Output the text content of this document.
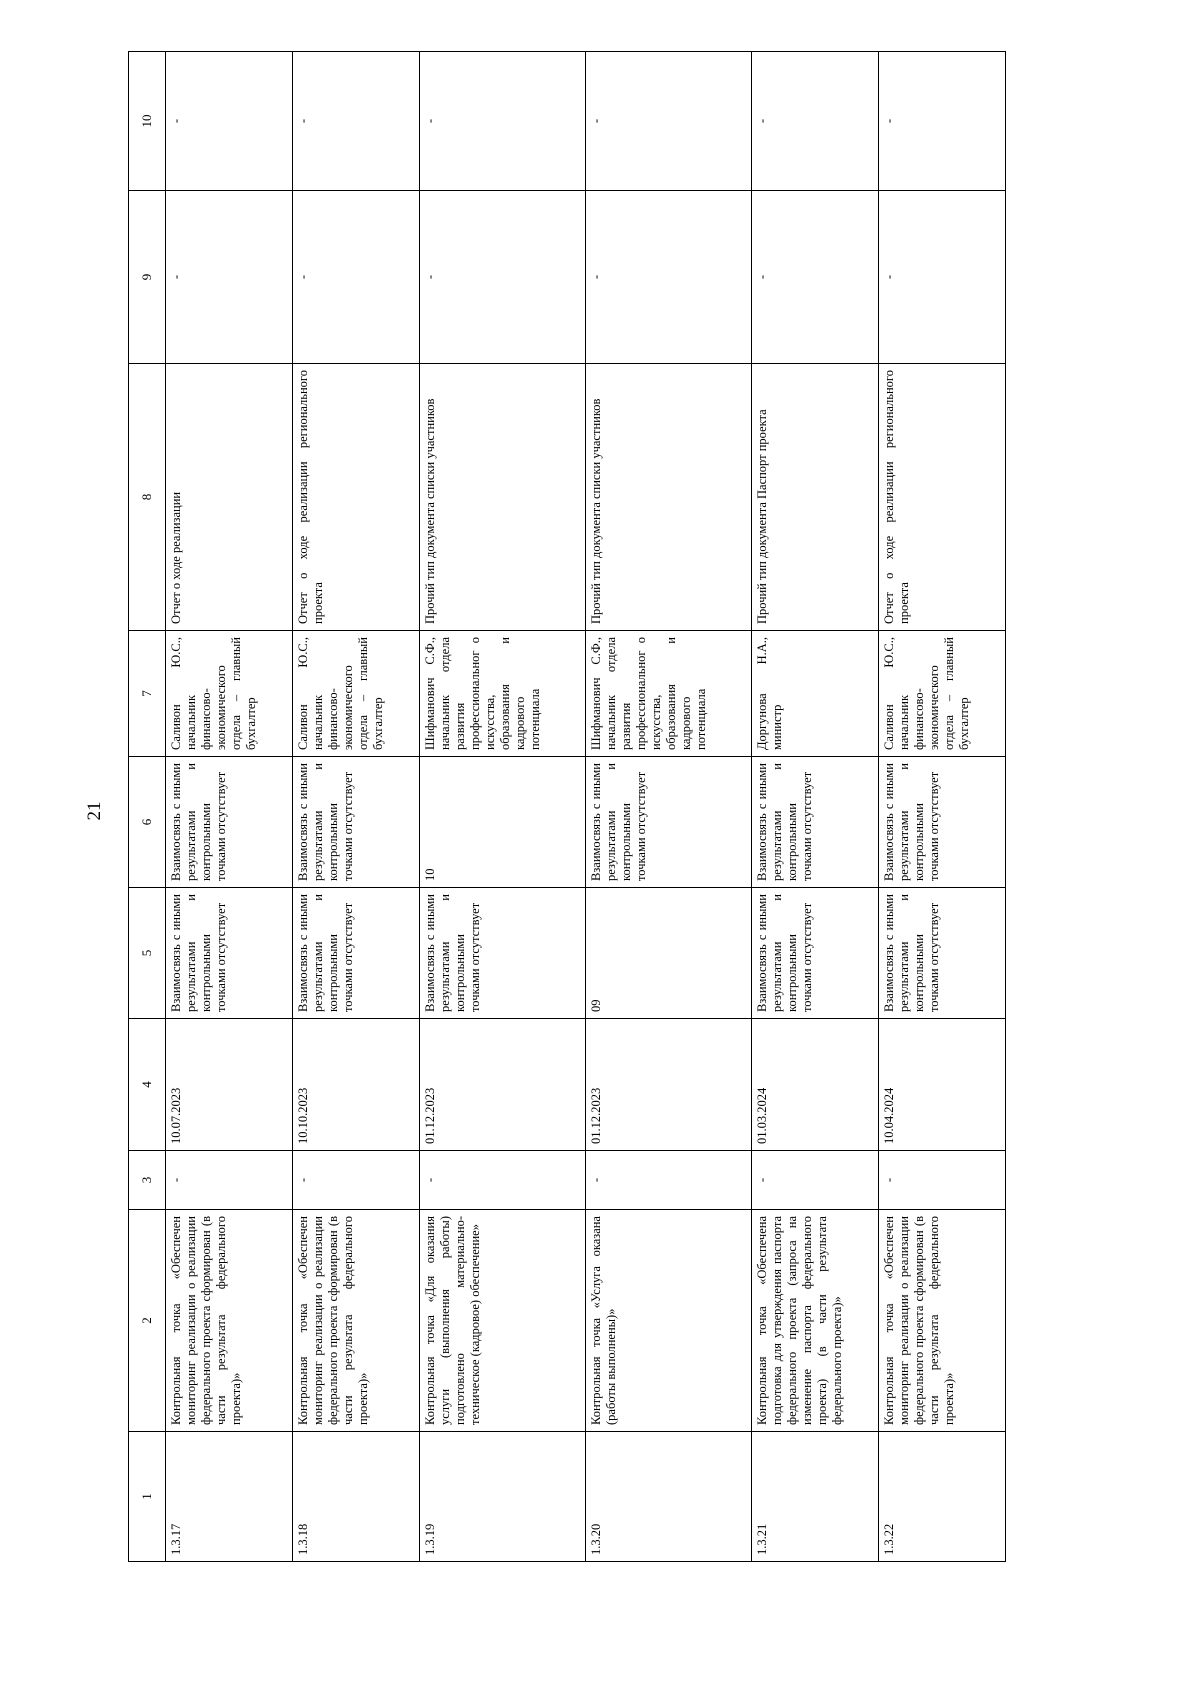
21
1	2	3	4	5	6	7	8	9	10
1.3.17	Контрольная точка «Обеспечен мониторинг реализации о реализации федерального проекта сформирован (в части результата федерального проекта)»	-	10.07.2023	Взаимосвязь с иными результатами и контрольными точками отсутствует	Взаимосвязь с иными результатами и контрольными точками отсутствует	Саливон Ю.С., начальник финансово-экономического отдела – главный бухгалтер	Отчет о ходе реализации	-	-
1.3.18	Контрольная точка «Обеспечен мониторинг реализации о реализации федерального проекта сформирован (в части результата федерального проекта)»	-	10.10.2023	Взаимосвязь с иными результатами и контрольными точками отсутствует	Взаимосвязь с иными результатами и контрольными точками отсутствует	Саливон Ю.С., начальник финансово-экономического отдела – главный бухгалтер	Отчет о ходе реализации регионального проекта	-	-
1.3.19	Контрольная точка «Для оказания услуги (выполнения работы) подготовлено материально-техническое (кадровое) обеспечение»	-	01.12.2023	Взаимосвязь с иными результатами и контрольными точками отсутствует	10	Шифманович С.Ф., начальник отдела развития профессиональног о искусства, образования и кадрового потенциала	Прочий тип документа списки участников	-	-
1.3.20	Контрольная точка «Услуга оказана (работы выполнены)»	-	01.12.2023	09	Взаимосвязь с иными результатами и контрольными точками отсутствует	Шифманович С.Ф., начальник отдела развития профессиональног о искусства, образования и кадрового потенциала	Прочий тип документа списки участников	-	-
1.3.21	Контрольная точка «Обеспечена подготовка для утверждения паспорта федерального проекта (запроса на изменение паспорта федерального проекта) (в части результата федерального проекта)»	-	01.03.2024	Взаимосвязь с иными результатами и контрольными точками отсутствует	Взаимосвязь с иными результатами и контрольными точками отсутствует	Доргунова Н.А., министр	Прочий тип документа Паспорт проекта	-	-
1.3.22	Контрольная точка «Обеспечен мониторинг реализации о реализации федерального проекта сформирован (в части результата федерального проекта)»	-	10.04.2024	Взаимосвязь с иными результатами и контрольными точками отсутствует	Взаимосвязь с иными результатами и контрольными точками отсутствует	Саливон Ю.С., начальник финансово-экономического отдела – главный бухгалтер	Отчет о ходе реализации регионального проекта	-	-
